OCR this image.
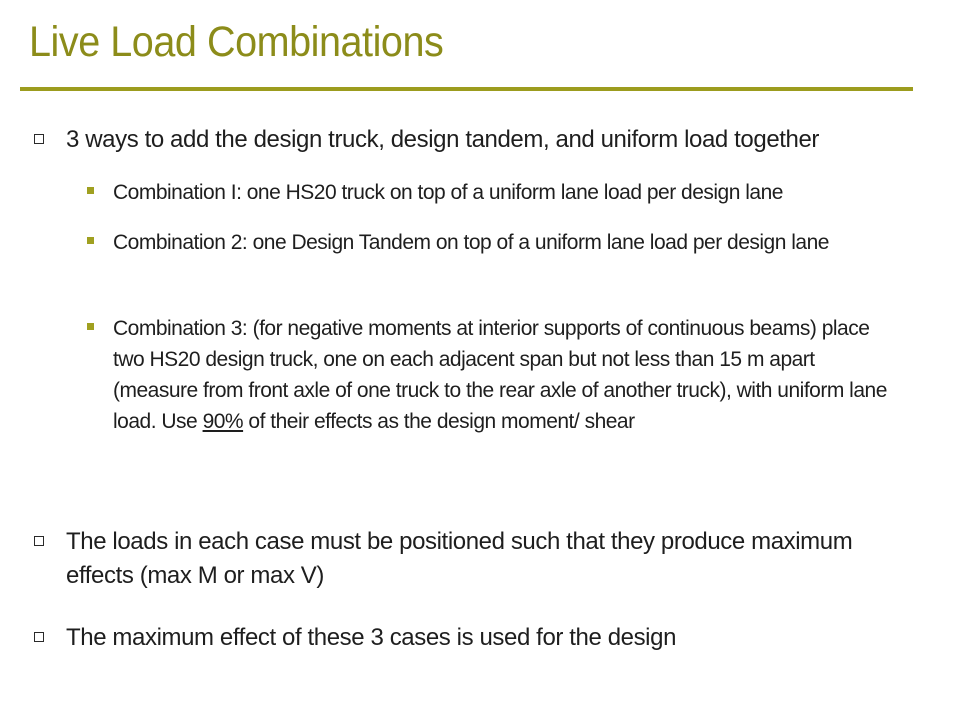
Live Load Combinations
3 ways to add the design truck, design tandem, and uniform load together
Combination I: one HS20 truck on top of a uniform lane load per design lane
Combination 2: one Design Tandem on top of a uniform lane load per design lane
Combination 3: (for negative moments at interior supports of continuous beams) place two HS20 design truck, one on each adjacent span but not less than 15 m apart (measure from front axle of one truck to the rear axle of another truck), with uniform lane load. Use 90% of their effects as the design moment/ shear
The loads in each case must be positioned such that they produce maximum effects (max M or max V)
The maximum effect of these 3 cases is used for the design
